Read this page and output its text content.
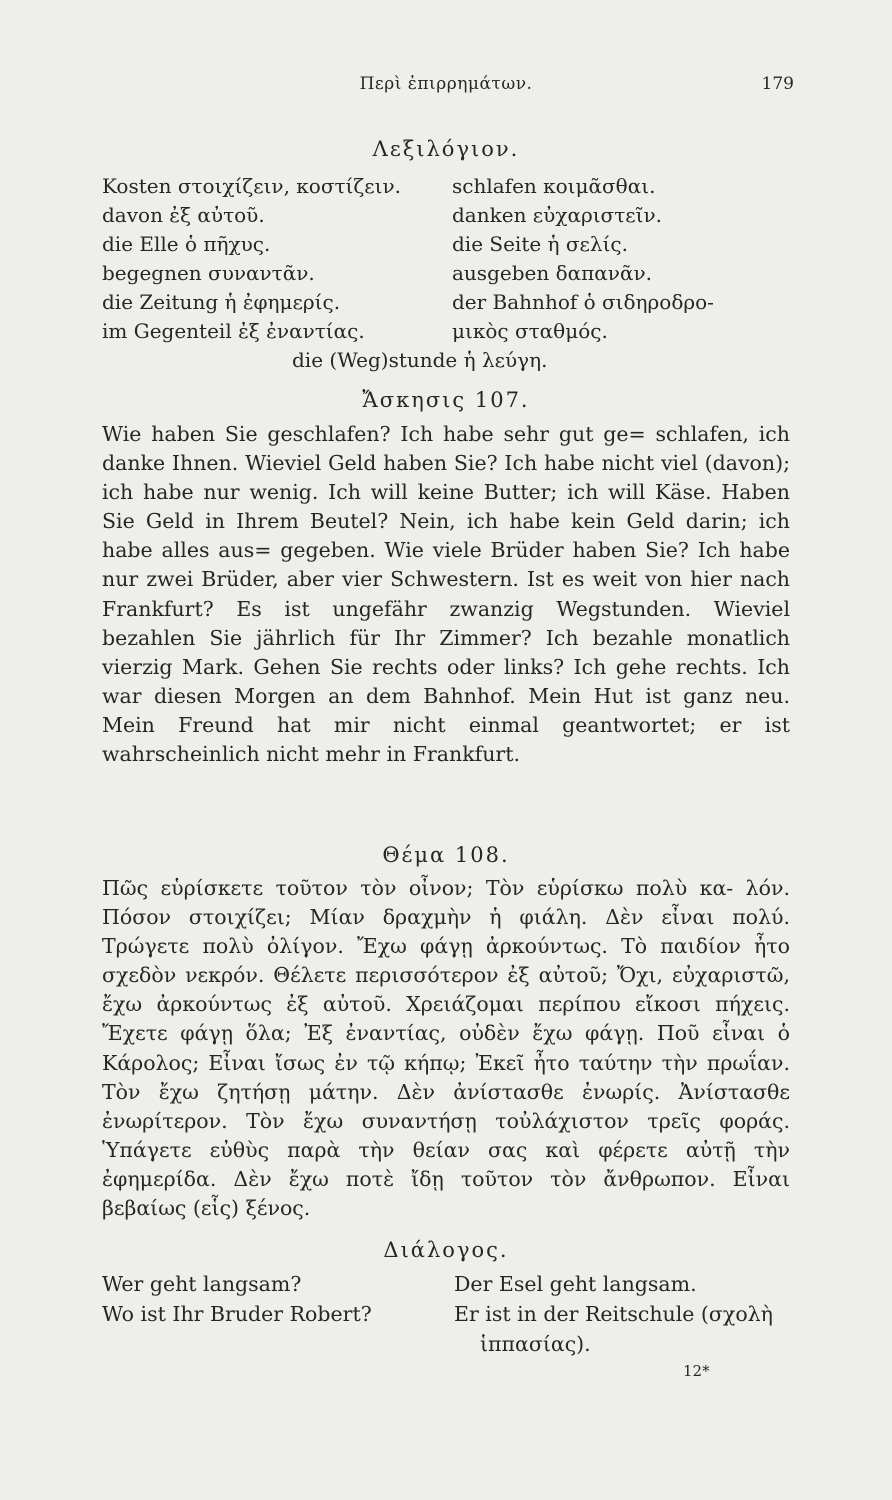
Περὶ ἐπιρρημάτων.	179
Λεξιλόγιον.
Kosten στοιχίζειν, κοστίζειν.	schlafen κοιμᾶσθαι.
davon ἐξ αὐτοῦ.	danken εὐχαριστεῖν.
die Elle ὁ πῆχυς.	die Seite ἡ σελίς.
begegnen συναντᾶν.	ausgeben δαπανᾶν.
die Zeitung ἡ ἐφημερίς.	der Bahnhof ὁ σιδηροδρο-
im Gegenteil ἐξ ἐναντίας.	μικὸς σταθμός.
die (Weg)stunde ἡ λεύγη.
Ἄσκησις 107.

Wie haben Sie geschlafen? Ich habe sehr gut ge= schlafen, ich danke Ihnen. Wieviel Geld haben Sie? Ich habe nicht viel (davon); ich habe nur wenig. Ich will keine Butter; ich will Käse. Haben Sie Geld in Ihrem Beutel? Nein, ich habe kein Geld darin; ich habe alles aus= gegeben. Wie viele Brüder haben Sie? Ich habe nur zwei Brüder, aber vier Schwestern. Ist es weit von hier nach Frankfurt? Es ist ungefähr zwanzig Wegstunden. Wieviel bezahlen Sie jährlich für Ihr Zimmer? Ich bezahle monatlich vierzig Mark. Gehen Sie rechts oder links? Ich gehe rechts. Ich war diesen Morgen an dem Bahnhof. Mein Hut ist ganz neu. Mein Freund hat mir nicht einmal geantwortet; er ist wahrscheinlich nicht mehr in Frankfurt.

Θέμα 108.

Πῶς εὑρίσκετε τοῦτον τὸν οἶνον; Τὸν εὑρίσκω πολὺ κα- λόν. Πόσον στοιχίζει; Μίαν δραχμὴν ἡ φιάλη. Δὲν εἶναι πολύ. Τρώγετε πολὺ ὀλίγον. Ἔχω φάγῃ ἀρκούντως. Τὸ παιδίον ἦτο σχεδὸν νεκρόν. Θέλετε περισσότερον ἐξ αὐτοῦ; Ὄχι, εὐχαριστῶ, ἔχω ἀρκούντως ἐξ αὐτοῦ. Χρειάζομαι περίπου εἴκοσι πήχεις. Ἔχετε φάγῃ ὅλα; Ἐξ ἐναντίας, οὐδὲν ἔχω φάγῃ. Ποῦ εἶναι ὁ Κάρολος; Εἶναι ἴσως ἐν τῷ κήπῳ; Ἐκεῖ ἦτο ταύτην τὴν πρωΐαν. Τὸν ἔχω ζητήσῃ μάτην. Δὲν ἀνίστασθε ἐνωρίς. Ἀνίστασθε ἐνωρίτερον. Τὸν ἔχω συναντήσῃ τοὐλάχιστον τρεῖς φοράς. Ὑπάγετε εὐθὺς παρὰ τὴν θείαν σας καὶ φέρετε αὐτῇ τὴν ἐφημερίδα. Δὲν ἔχω ποτὲ ἴδῃ τοῦτον τὸν ἄνθρωπον. Εἶναι βεβαίως (εἷς) ξένος.

Διάλογος.
Wer geht langsam?	Der Esel geht langsam.
Wo ist Ihr Bruder Robert?	Er ist in der Reitschule (σχολὴ
ἱππασίας).
12*
